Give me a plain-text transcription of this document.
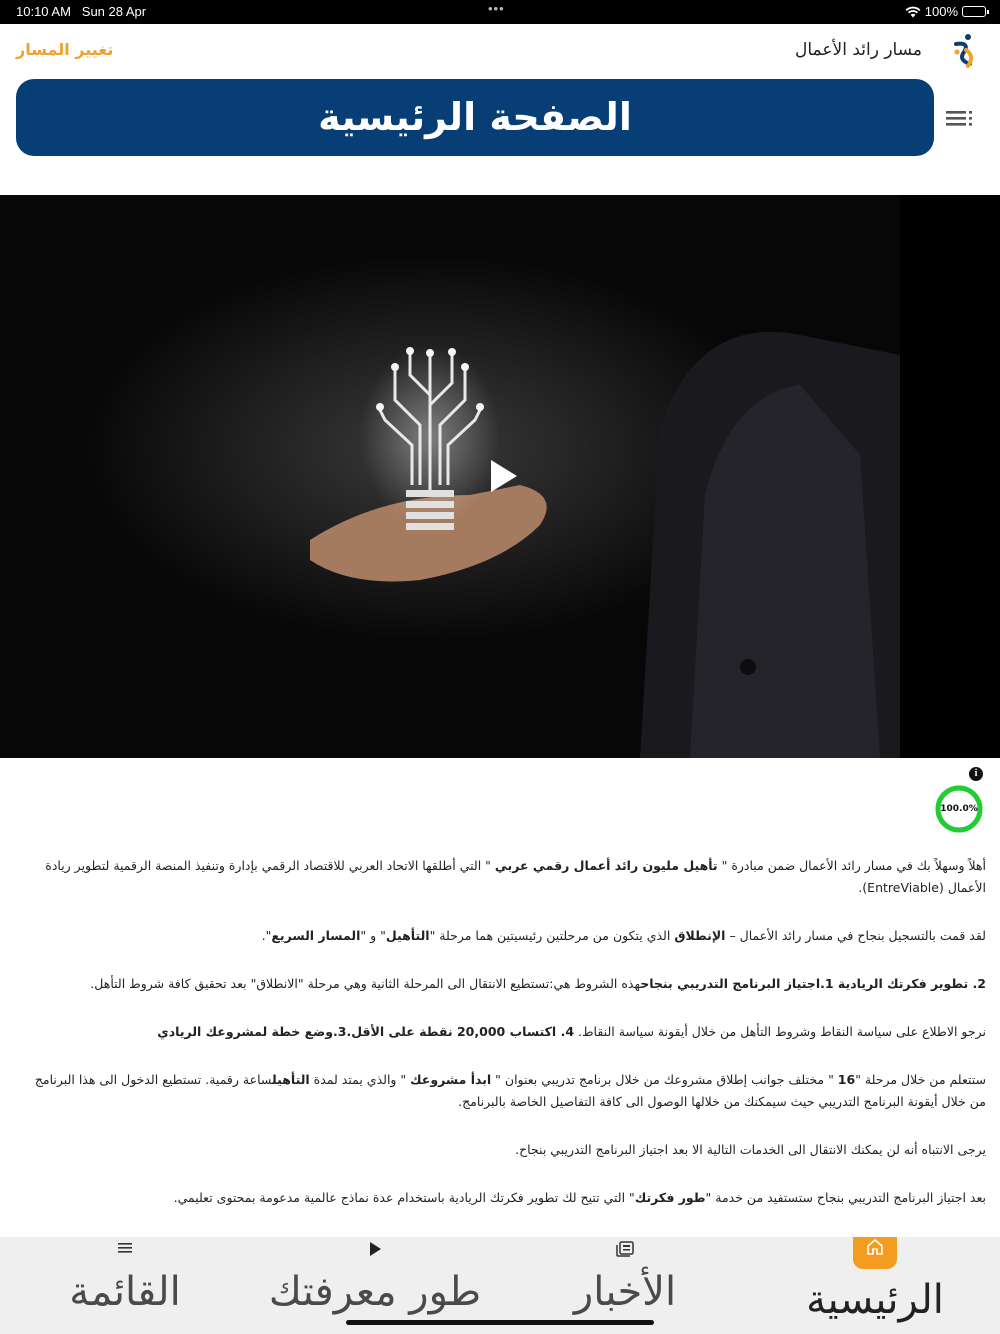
10:10 AM Sun 28 Apr	•••	100%
تغيير المسار	مسار رائد الأعمال
الصفحة الرئيسية
i
100.0%

أهلاً وسهلاً بك في مسار رائد الأعمال ضمن مبادرة " تأهيل مليون رائد أعمال رقمي عربي " التي أطلقها الاتحاد العربي للاقتصاد الرقمي بإدارة وتنفيذ المنصة الرقمية لتطوير ريادة الأعمال (EntreViable).

لقد قمت بالتسجيل بنجاح في مسار رائد الأعمال – الإنطلاق الذي يتكون من مرحلتين رئيسيتين هما مرحلة "التأهيل" و "المسار السريع".

2. تطوير فكرتك الريادية 1.اجتياز البرنامج التدريبي بنجاحهذه الشروط هي:تستطيع الانتقال الى المرحلة الثانية وهي مرحلة "الانطلاق" بعد تحقيق كافة شروط التأهل.

نرجو الاطلاع على سياسة النقاط وشروط التأهل من خلال أيقونة سياسة النقاط. 4. اكتساب 20,000 نقطة على الأقل.3.وضع خطة لمشروعك الريادي

ستتعلم من خلال مرحلة "16 " مختلف جوانب إطلاق مشروعك من خلال برنامج تدريبي بعنوان " ابدأ مشروعك " والذي يمتد لمدة التأهيلساعة رقمية. تستطيع الدخول الى هذا البرنامج من خلال أيقونة البرنامج التدريبي حيث سيمكنك من خلالها الوصول الى كافة التفاصيل الخاصة بالبرنامج.

يرجى الانتباه أنه لن يمكنك الانتقال الى الخدمات التالية الا بعد اجتياز البرنامج التدريبي بنجاح.

بعد اجتياز البرنامج التدريبي بنجاح ستستفيد من خدمة "طور فكرتك" التي تتيح لك تطوير فكرتك الريادية باستخدام عدة نماذج عالمية مدعومة بمحتوى تعليمي.

القائمة	طور معرفتك	الأخبار	الرئيسية
